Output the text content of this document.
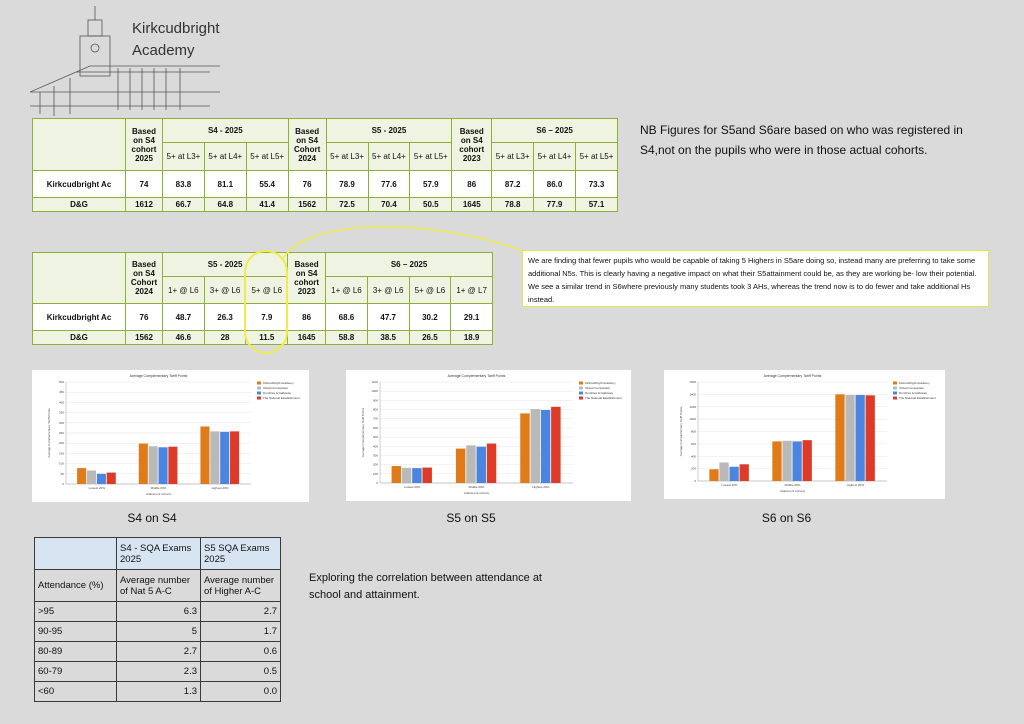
Kirkcudbright
Academy
	Based on S4 cohort 2025	S4 - 2025			Based on S4 Cohort 2024	S5 - 2025			Based on S4 cohort 2023	S6 – 2025		
		5+ at L3+	5+ at L4+	5+ at L5+		5+ at L3+	5+ at L4+	5+ at L5+		5+ at L3+	5+ at L4+	5+ at L5+
Kirkcudbright Ac	74	83.8	81.1	55.4	76	78.9	77.6	57.9	86	87.2	86.0	73.3
D&G	1612	66.7	64.8	41.4	1562	72.5	70.4	50.5	1645	78.8	77.9	57.1
NB Figures for S5and S6are based on who was registered in S4,not on the pupils who were in those actual cohorts.
	Based on S4 Cohort 2024	S5 - 2025			Based on S4 cohort 2023	S6 – 2025			
		1+ @ L6	3+ @ L6	5+ @ L6		1+ @ L6	3+ @ L6	5+ @ L6	1+ @ L7
Kirkcudbright Ac	76	48.7	26.3	7.9	86	68.6	47.7	30.2	29.1
D&G	1562	46.6	28	11.5	1645	58.8	38.5	26.5	18.9
We are finding that fewer pupils who would be capable of taking 5 Highers in S5are doing so, instead many are preferring to take some additional N5s. This is clearly having a negative impact on what their S5attainment could be, as they are working be- low their potential. We see a similar trend in S6where previously many students took 3 AHs, whereas the trend now is to do fewer and take additional Hs instead.
Average Complementary Tariff Points
0
50
100
150
200
250
300
350
400
450
500
Average Complementary Tariff Points
Lowest 20%	Middle 60%	Highest 20%
Attainment cohorts
Kirkcudbright Academy
Virtual Comparator
Dumfries & Galloway
The National Establishment
Average Complementary Tariff Points
0
100
200
300
400
500
600
700
800
900
1000
1100
Average Complementary Tariff Points
Lowest 20%	Middle 60%	Highest 20%
Attainment cohorts
Kirkcudbright Academy
Virtual Comparator
Dumfries & Galloway
The National Establishment
Average Complementary Tariff Points
0
200
400
600
800
1000
1200
1400
1600
Average Complementary Tariff Points
Lowest 20%	Middle 60%	Highest 20%
Attainment cohorts
Kirkcudbright Academy
Virtual Comparator
Dumfries & Galloway
The National Establishment
S4 on S4	S5 on S5	S6 on S6
	S4 - SQA Exams 2025	S5 SQA Exams 2025
Attendance (%)	Average number of Nat 5 A-C	Average number of Higher A-C
>95	6.3	2.7
90-95	5	1.7
80-89	2.7	0.6
60-79	2.3	0.5
<60	1.3	0.0
Exploring the correlation between attendance at school and attainment.
